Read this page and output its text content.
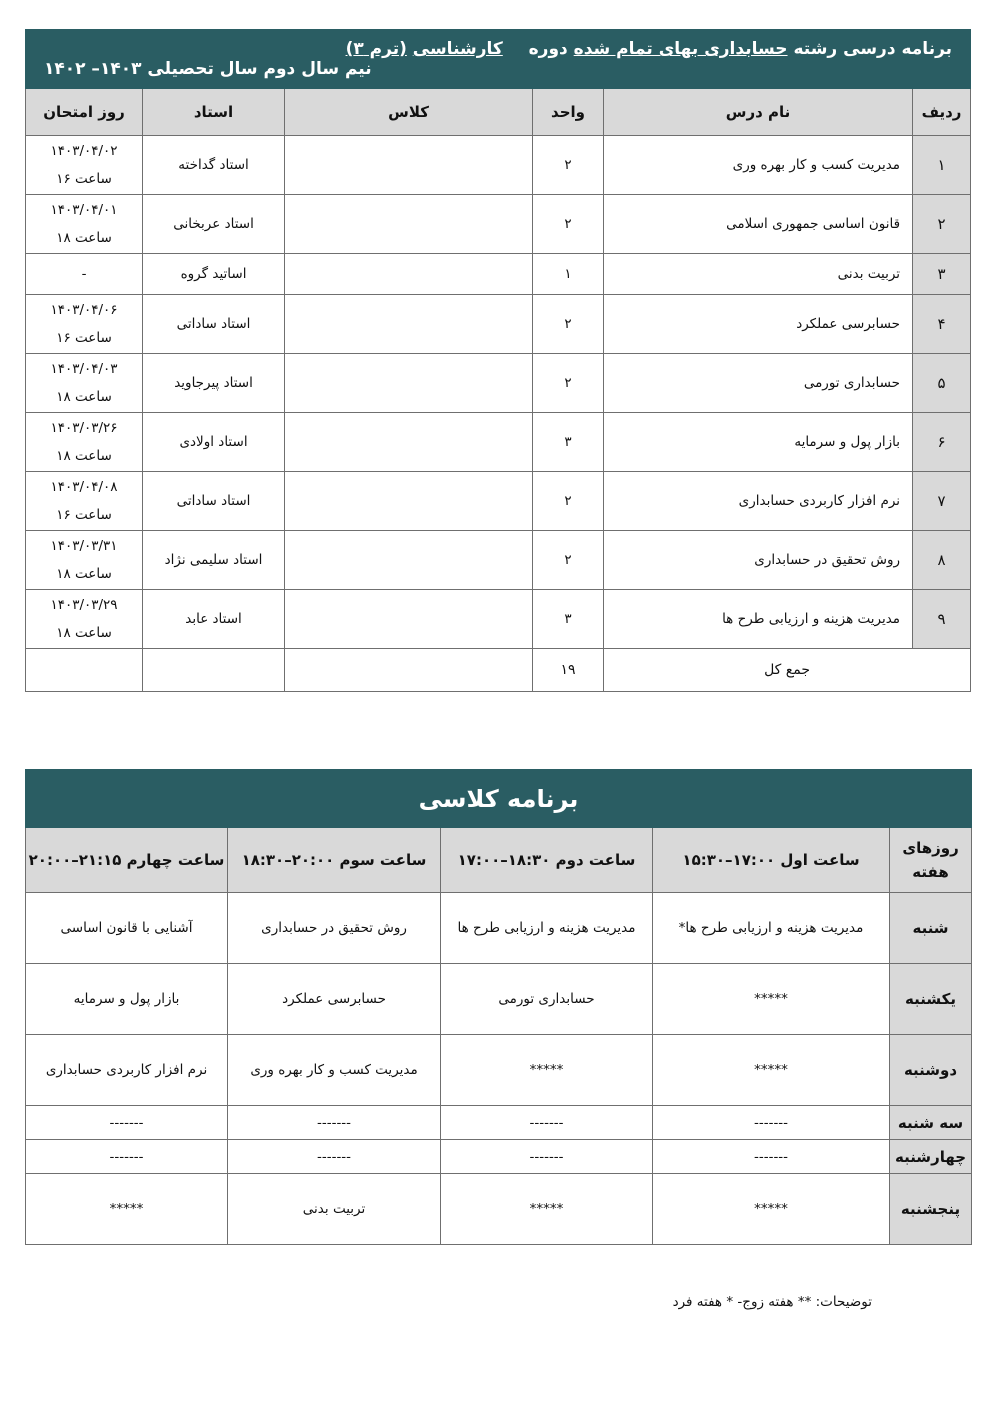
برنامه درسی رشته حسابداری بهای تمام شده دوره  کارشناسی (ترم ۳)
نیم سال دوم سال تحصیلی ۱۴۰۳– ۱۴۰۲					

ردیف	نام درس	واحد	کلاس	استاد	روز امتحان
۱	مدیریت کسب و کار بهره وری	۲		استاد گداخته	۱۴۰۳/۰۴/۰۲
ساعت ۱۶

۲	قانون اساسی جمهوری اسلامی	۲		استاد عربخانی	۱۴۰۳/۰۴/۰۱
ساعت ۱۸

۳	تربیت بدنی	۱		اساتید گروه	-

۴	حسابرسی عملکرد	۲		استاد ساداتی	۱۴۰۳/۰۴/۰۶
ساعت ۱۶

۵	حسابداری تورمی	۲		استاد پیرجاوید	۱۴۰۳/۰۴/۰۳
ساعت ۱۸

۶	بازار پول و سرمایه	۳		استاد اولادی	۱۴۰۳/۰۳/۲۶
ساعت ۱۸

۷	نرم افزار کاربردی حسابداری	۲		استاد ساداتی	۱۴۰۳/۰۴/۰۸
ساعت ۱۶

۸	روش تحقیق در حسابداری	۲		استاد سلیمی نژاد	۱۴۰۳/۰۳/۳۱
ساعت ۱۸

۹	مدیریت هزینه و ارزیابی طرح ها	۳		استاد عابد	۱۴۰۳/۰۳/۲۹
ساعت ۱۸

جمع کل		۱۹			
برنامه کلاسی				
روزهای هفته	ساعت اول ۱۷:۰۰–۱۵:۳۰	ساعت دوم ۱۸:۳۰–۱۷:۰۰	ساعت سوم ۲۰:۰۰–۱۸:۳۰	ساعت چهارم ۲۱:۱۵–۲۰:۰۰
شنبه	مدیریت هزینه و ارزیابی طرح ها*	مدیریت هزینه و ارزیابی طرح ها	روش تحقیق در حسابداری	آشنایی با قانون اساسی
یکشنبه	*****	حسابداری تورمی	حسابرسی عملکرد	بازار پول و سرمایه
دوشنبه	*****	*****	مدیریت کسب و کار بهره وری	نرم افزار کاربردی حسابداری
سه شنبه	-------	-------	-------	-------
چهارشنبه	-------	-------	-------	-------
پنجشنبه	*****	*****	تربیت بدنی	*****
توضیحات: ** هفته زوج- * هفته فرد
